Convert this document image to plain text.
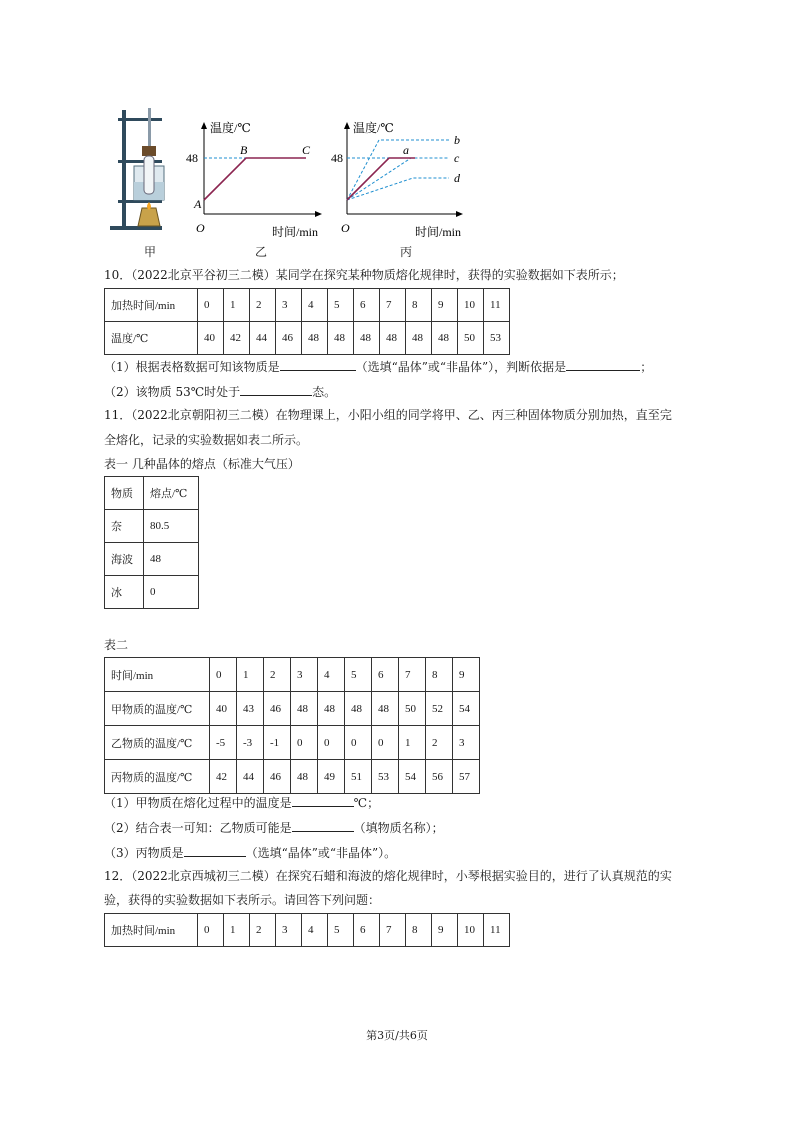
甲
温度/℃
48
A
B	C
O	时间/min
乙
温度/℃
48
a
b
c
d
O	时间/min
丙
10．（2022北京平谷初三二模）某同学在探究某种物质熔化规律时，获得的实验数据如下表所示；
加热时间/min	0	1	2	3	4	5	6	7	8	9	10	11
温度/℃	40	42	44	46	48	48	48	48	48	48	50	53
（1）根据表格数据可知该物质是	（选填“晶体”或“非晶体”），判断依据是	；
（2）该物质 53℃时处于	态。
11．（2022北京朝阳初三二模）在物理课上，小阳小组的同学将甲、乙、丙三种固体物质分别加热，直至完
全熔化，记录的实验数据如表二所示。
表一 几种晶体的熔点（标准大气压）
物质	熔点/℃
奈	80.5
海波	48
冰	0
表二
时间/min	0	1	2	3	4	5	6	7	8	9
甲物质的温度/℃	40	43	46	48	48	48	48	50	52	54
乙物质的温度/℃	-5	-3	-1	0	0	0	0	1	2	3
丙物质的温度/℃	42	44	46	48	49	51	53	54	56	57
（1）甲物质在熔化过程中的温度是	℃；
（2）结合表一可知：乙物质可能是	（填物质名称）；
（3）丙物质是	（选填“晶体”或“非晶体”）。
12．（2022北京西城初三二模）在探究石蜡和海波的熔化规律时，小琴根据实验目的，进行了认真规范的实
验，获得的实验数据如下表所示。请回答下列问题：
加热时间/min	0	1	2	3	4	5	6	7	8	9	10	11
第3页/共6页
